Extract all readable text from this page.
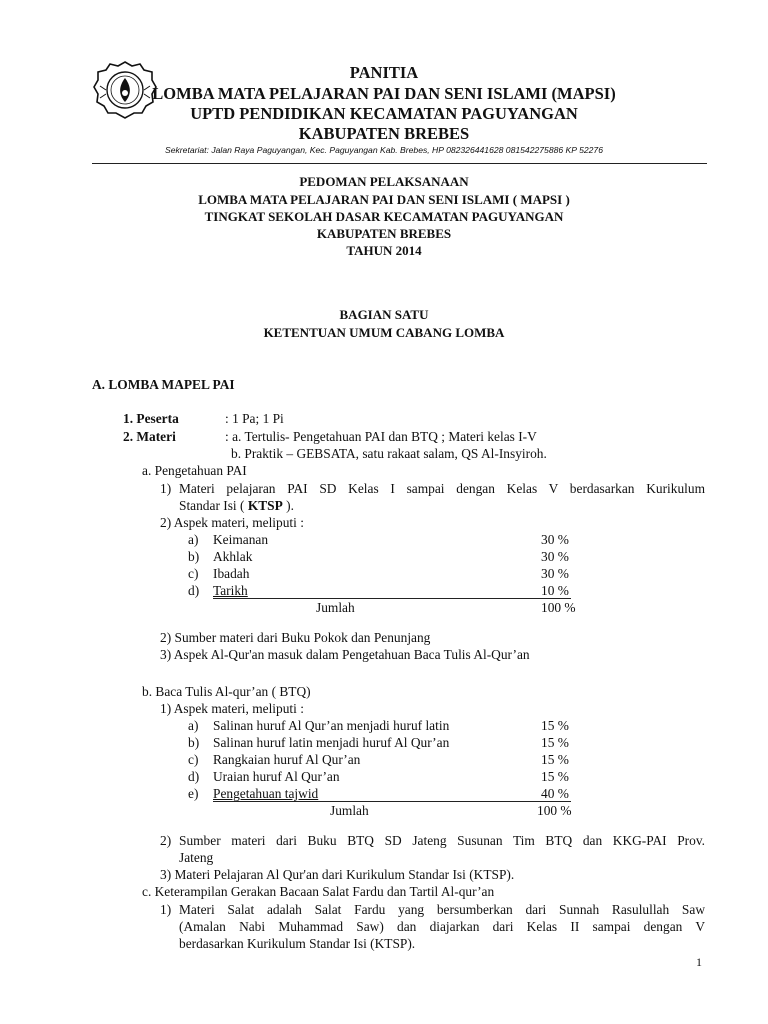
PANITIA
LOMBA MATA PELAJARAN PAI DAN SENI ISLAMI (MAPSI)
UPTD PENDIDIKAN KECAMATAN PAGUYANGAN
KABUPATEN BREBES
Sekretariat: Jalan Raya Paguyangan, Kec. Paguyangan Kab. Brebes, HP 082326441628 081542275886 KP 52276
PEDOMAN PELAKSANAAN
LOMBA MATA PELAJARAN PAI DAN SENI ISLAMI ( MAPSI )
TINGKAT SEKOLAH DASAR KECAMATAN PAGUYANGAN
KABUPATEN BREBES
TAHUN 2014
BAGIAN SATU
KETENTUAN UMUM CABANG LOMBA
A. LOMBA MAPEL PAI
1. Peserta	: 1 Pa; 1 Pi
2. Materi	: a. Tertulis- Pengetahuan PAI dan BTQ ; Materi kelas I-V
b. Praktik – GEBSATA, satu rakaat salam, QS Al-Insyiroh.
a. Pengetahuan PAI
1) Materi pelajaran PAI SD Kelas I sampai dengan Kelas V berdasarkan Kurikulum
Standar Isi ( KTSP ).
2) Aspek materi, meliputi :
a) Keimanan	30 %
b) Akhlak	30 %
c) Ibadah	30 %
d) Tarikh	10 %
Jumlah	100 %
2) Sumber materi dari Buku Pokok dan Penunjang
3) Aspek Al-Qur'an masuk dalam Pengetahuan Baca Tulis Al-Qur’an
b. Baca Tulis Al-qur’an ( BTQ)
1) Aspek materi, meliputi :
a) Salinan huruf Al Qur’an menjadi huruf latin	15 %
b) Salinan huruf latin menjadi huruf Al Qur’an	15 %
c) Rangkaian huruf Al Qur’an	15 %
d) Uraian huruf Al Qur’an	15 %
e) Pengetahuan tajwid	40 %
Jumlah	100 %
2) Sumber materi dari Buku BTQ SD Jateng Susunan Tim BTQ dan KKG-PAI Prov.
Jateng
3) Materi Pelajaran Al Qur'an dari Kurikulum Standar Isi (KTSP).
c. Keterampilan Gerakan Bacaan Salat Fardu dan Tartil Al-qur’an
1) Materi Salat adalah Salat Fardu yang bersumberkan dari Sunnah Rasulullah Saw
(Amalan Nabi Muhammad Saw) dan diajarkan dari Kelas II sampai dengan V
berdasarkan Kurikulum Standar Isi (KTSP).
1
